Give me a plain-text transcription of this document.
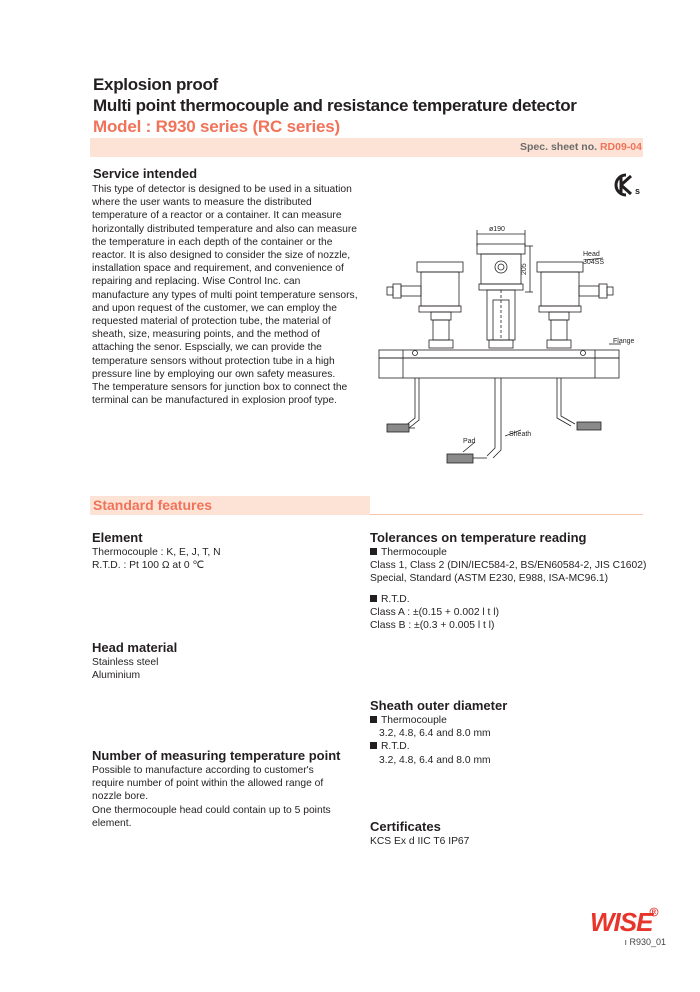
Explosion proof
Multi point thermocouple and resistance temperature detector
Model : R930 series (RC series)
Spec. sheet no. RD09-04
s
Service intended
This type of detector is designed to be used in a situation
where the user wants to measure the distributed
temperature of a reactor or a container. It can measure
horizontally distributed temperature and also can measure
the temperature in each depth of the container or the
reactor. It is also designed to consider the size of nozzle,
installation space and requirement, and convenience of
repairing and replacing. Wise Control Inc. can
manufacture any types of multi point temperature sensors,
and upon request of the customer, we can employ the
requested material of protection tube, the material of
sheath, size, measuring points, and the method of
attaching the senor. Espscially, we can provide the
temperature sensors without protection tube in a high
pressure line by employing our own safety measures.
The temperature sensors for junction box to connect the
terminal can be manufactured in explosion proof type.
ø190
205
Head
304SS
Flange
Sheath
Pad
Standard features
Element
Thermocouple : K, E, J, T, N
R.T.D. : Pt 100 Ω at 0 ℃
Head material
Stainless steel
Aluminium
Number of measuring temperature point
Possible to manufacture according to customer's
require number of point within the allowed range of
nozzle bore.
One thermocouple head could contain up to 5 points
element.
Tolerances on temperature reading
Thermocouple
Class 1, Class 2 (DIN/IEC584-2, BS/EN60584-2, JIS C1602)
Special, Standard (ASTM E230, E988, ISA-MC96.1)
R.T.D.
Class A : ±(0.15 + 0.002 l t l)
Class B : ±(0.3 + 0.005 l t l)
Sheath outer diameter
Thermocouple
3.2, 4.8, 6.4 and 8.0 mm
R.T.D.
3.2, 4.8, 6.4 and 8.0 mm
Certificates
KCS Ex d IIC T6 IP67
WISE R
ı R930_01
